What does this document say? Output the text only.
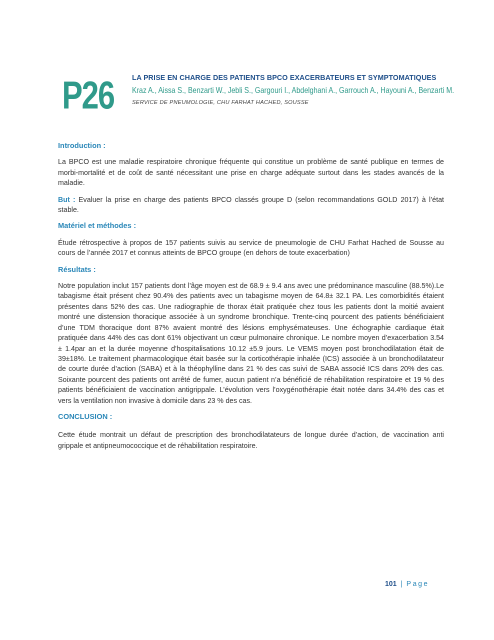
P26	LA PRISE EN CHARGE DES PATIENTS BPCO EXACERBATEURS ET SYMPTOMATIQUES
Kraz A., Aissa S., Benzarti W., Jebli S., Gargouri I., Abdelghani A., Garrouch A., Hayouni A., Benzarti M.
SERVICE DE PNEUMOLOGIE, CHU FARHAT HACHED, SOUSSE
Introduction :

La BPCO est une maladie respiratoire chronique fréquente qui constitue un problème de santé publique en termes de morbi-mortalité et de coût de santé nécessitant une prise en charge adéquate surtout dans les stades avancés de la maladie.

But : Evaluer la prise en charge des patients BPCO classés groupe D (selon recommandations GOLD 2017) à l’état stable.

Matériel et méthodes :

Étude rétrospective à propos de 157 patients suivis au service de pneumologie de CHU Farhat Hached de Sousse au cours de l’année 2017 et connus atteints de BPCO groupe (en dehors de toute exacerbation)

Résultats :

Notre population inclut 157 patients dont l’âge moyen est de 68.9 ± 9.4 ans avec une prédominance masculine (88.5%).Le tabagisme était présent chez 90.4% des patients avec un tabagisme moyen de 64.8± 32.1 PA. Les comorbidités étaient présentes dans 52% des cas. Une radiographie de thorax était pratiquée chez tous les patients dont la moitié avaient montré une distension thoracique associée à un syndrome bronchique. Trente-cinq pourcent des patients bénéficiaient d’une TDM thoracique dont 87% avaient montré des lésions emphysémateuses. Une échographie cardiaque était pratiquée dans 44% des cas dont 61% objectivant un cœur pulmonaire chronique. Le nombre moyen d’exacerbation 3.54 ± 1.4par an et la durée moyenne d’hospitalisations 10.12 ±5.9 jours. Le VEMS moyen post bronchodilatation était de 39±18%. Le traitement pharmacologique était basée sur la corticothérapie inhalée (ICS) associée à un bronchodilatateur de courte durée d’action (SABA) et à la théophylline dans 21 % des cas suivi de SABA associé ICS dans 20% des cas. Soixante pourcent des patients ont arrêté de fumer, aucun patient n’a bénéficié de réhabilitation respiratoire et 19 % des patients bénéficiaient de vaccination antigrippale. L’évolution vers l’oxygénothérapie était notée dans 34.4% des cas et vers la ventilation non invasive à domicile dans 23 % des cas.

CONCLUSION :

Cette étude montrait un défaut de prescription des bronchodilatateurs de longue durée d’action, de vaccination anti grippale et antipneumococcique et de réhabilitation respiratoire.

101 | Page
